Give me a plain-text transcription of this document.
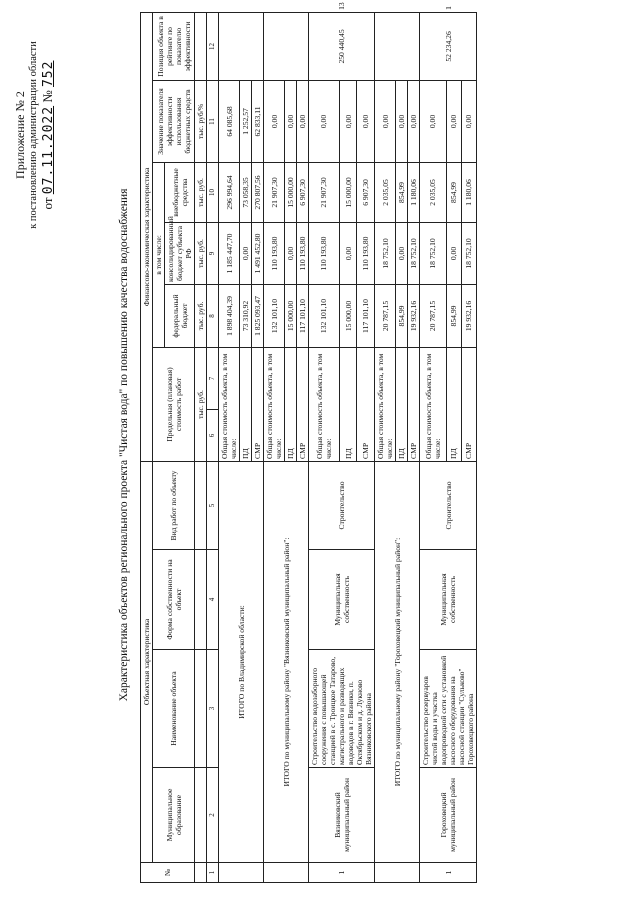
Приложение № 2 к постановлению администрации области от 07.11.2022 № 752
Характеристика объектов регионального проекта "Чистая вода" по повышению качества водоснабжения
№	Объектная характеристика				Финансово-экономическая характеристика							
	Муниципальное образование	Наименование объекта	Форма собственности на объект	Вид работ по объекту	Предельная (плановая) стоимость работ		в том числе:			Значение показателя эффективности использования бюджетных средств	Позиция объекта в рейтинге по показателю эффективности	
							федеральный бюджет	консолидированный бюджет субъекта РФ	внебюджетные средства			
					тыс. руб.		тыс. руб.	тыс. руб.	тыс. руб.	тыс. руб/%		
1	2	3	4	5	6	7	8	9	10	11	12	
	ИТОГО по Владимирской области:				Общая стоимость объекта, в том числе:		1 898 404,39	1 185 447,70	296 994,64	64 085,68		
					ПД		73 310,92	0,00	73 058,35	1 252,57		
					СМР		1 825 093,47	1 491 452,80	270 807,56	62 833,11		
	ИТОГО по муниципальному району "Вязниковский муниципальный район":				Общая стоимость объекта, в том числе:		132 101,10	110 193,80	21 907,30	0,00		
					ПД		15 000,00	0,00	15 000,00	0,00		
					СМР		117 101,10	110 193,80	6 907,30	0,00		
1	Вязниковский муниципальный район	Строительство водозаборного сооружения с повышающей станцией в с. Троицкое Татарово, магистрального и разводящих водоводов в г. Вязники, п. Октябрьском и д. Лукново Вязниковского района	Муниципальная собственность	Строительство	Общая стоимость объекта, в том числе:		132 101,10	110 193,80	21 907,30	0,00	250 440,45	13
					ПД		15 000,00	0,00	15 000,00	0,00		
					СМР		117 101,10	110 193,80	6 907,30	0,00		
	ИТОГО по муниципальному району "Гороховецкий муниципальный район":				Общая стоимость объекта, в том числе:		20 787,15	18 752,10	2 035,05	0,00		
					ПД		854,99	0,00	854,99	0,00		
					СМР		19 932,16	18 752,10	1 180,06	0,00		
1	Гороховецкий муниципальный район	Строительство резервуаров чистой воды и участка водопроводной сети с установкой насосного оборудования на насосной станции "Сульково" Гороховецкого района	Муниципальная собственность	Строительство	Общая стоимость объекта, в том числе:		20 787,15	18 752,10	2 035,05	0,00	52 234,26	1
					ПД		854,99	0,00	854,99	0,00		
					СМР		19 932,16	18 752,10	1 180,06	0,00		
